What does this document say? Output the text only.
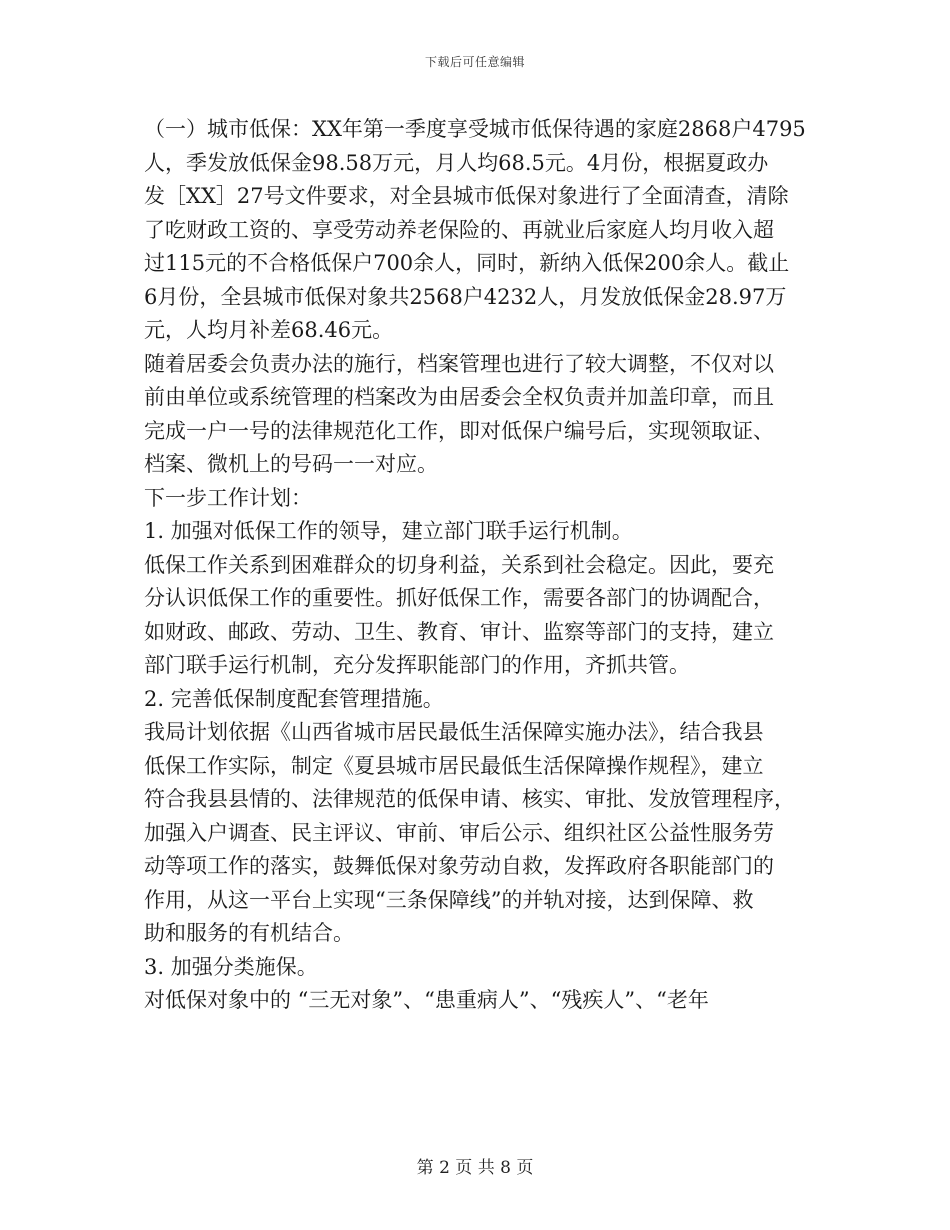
下载后可任意编辑
（一）城市低保：XX年第一季度享受城市低保待遇的家庭2868户4795
人，季发放低保金98.58万元，月人均68.5元。4月份，根据夏政办
发［XX］27号文件要求，对全县城市低保对象进行了全面清查，清除
了吃财政工资的、享受劳动养老保险的、再就业后家庭人均月收入超
过115元的不合格低保户700余人，同时，新纳入低保200余人。截止
6月份，全县城市低保对象共2568户4232人，月发放低保金28.97万
元，人均月补差68.46元。
随着居委会负责办法的施行，档案管理也进行了较大调整，不仅对以
前由单位或系统管理的档案改为由居委会全权负责并加盖印章，而且
完成一户一号的法律规范化工作，即对低保户编号后，实现领取证、
档案、微机上的号码一一对应。
下一步工作计划：
1. 加强对低保工作的领导，建立部门联手运行机制。
低保工作关系到困难群众的切身利益，关系到社会稳定。因此，要充
分认识低保工作的重要性。抓好低保工作，需要各部门的协调配合，
如财政、邮政、劳动、卫生、教育、审计、监察等部门的支持，建立
部门联手运行机制，充分发挥职能部门的作用，齐抓共管。
2. 完善低保制度配套管理措施。
我局计划依据《山西省城市居民最低生活保障实施办法》，结合我县
低保工作实际，制定《夏县城市居民最低生活保障操作规程》，建立
符合我县县情的、法律规范的低保申请、核实、审批、发放管理程序，
加强入户调查、民主评议、审前、审后公示、组织社区公益性服务劳
动等项工作的落实，鼓舞低保对象劳动自救，发挥政府各职能部门的
作用，从这一平台上实现“三条保障线”的并轨对接，达到保障、救
助和服务的有机结合。
3. 加强分类施保。
对低保对象中的 “三无对象”、“患重病人”、“残疾人”、“老年
第 2 页 共 8 页
